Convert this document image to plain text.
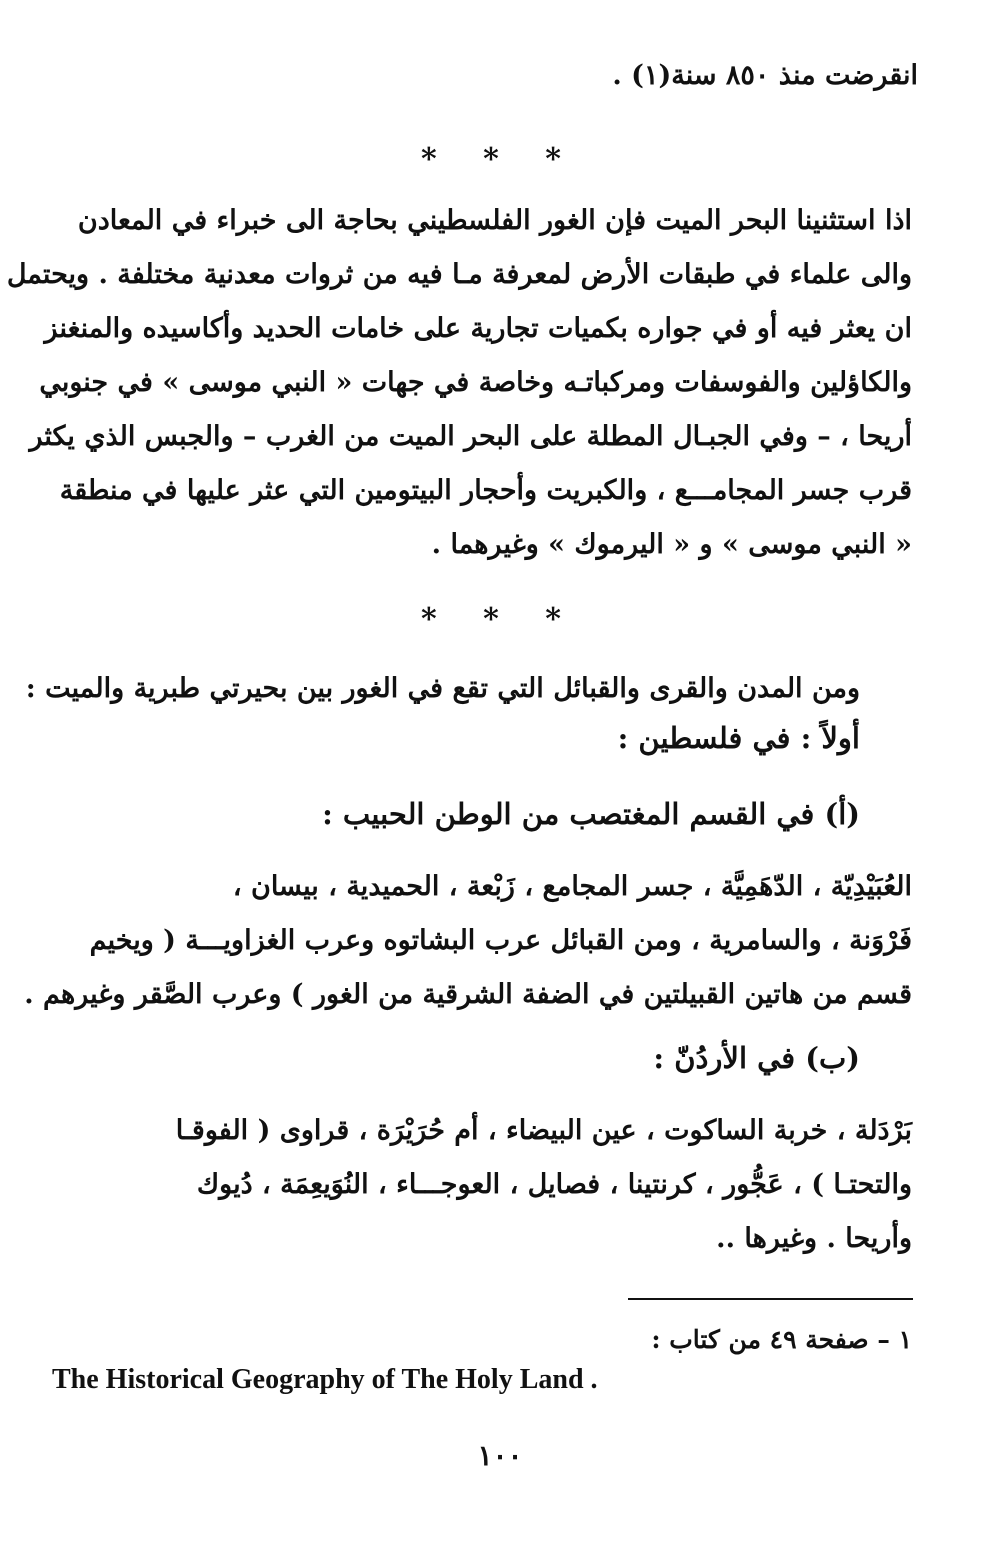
انقرضت منذ ٨٥٠ سنة(١) .
* * *
اذا استثنينا البحر الميت فإن الغور الفلسطيني بحاجة الى خبراء في المعادن
والى علماء في طبقات الأرض لمعرفة مـا فيه من ثروات معدنية مختلفة . ويحتمل
ان يعثر فيه أو في جواره بكميات تجارية على خامات الحديد وأكاسيده والمنغنز
والكاؤلين والفوسفات ومركباتـه وخاصة في جهات « النبي موسى » في جنوبي
أريحا ، – وفي الجبـال المطلة على البحر الميت من الغرب – والجبس الذي يكثر
قرب جسر المجامـــع ، والكبريت وأحجار البيتومين التي عثر عليها في منطقة
« النبي موسى » و « اليرموك » وغيرهما .
* * *
ومن المدن والقرى والقبائل التي تقع في الغور بين بحيرتي طبرية والميت :
أولاً : في فلسطين :
(أ) في القسم المغتصب من الوطن الحبيب :
العُبَيْدِيّة ، الدّهَمِيَّة ، جسر المجامع ، زَبْعة ، الحميدية ، بيسان ،
فَرْوَنة ، والسامرية ، ومن القبائل عرب البشاتوه وعرب الغزاويـــة ( ويخيم
قسم من هاتين القبيلتين في الضفة الشرقية من الغور ) وعرب الصَّقر وغيرهم .
(ب) في الأردُنّ :
بَرْدَلة ، خربة الساكوت ، عين البيضاء ، أم حُرَيْرَة ، قراوى ( الفوقـا
والتحتـا ) ، عَجُّور ، كرنتينا ، فصايل ، العوجـــاء ، النُوَيعِمَة ، دُيوك
وأريحا . وغيرها ..
١ – صفحة ٤٩ من كتاب :
The Historical Geography of The Holy Land .
١٠٠
